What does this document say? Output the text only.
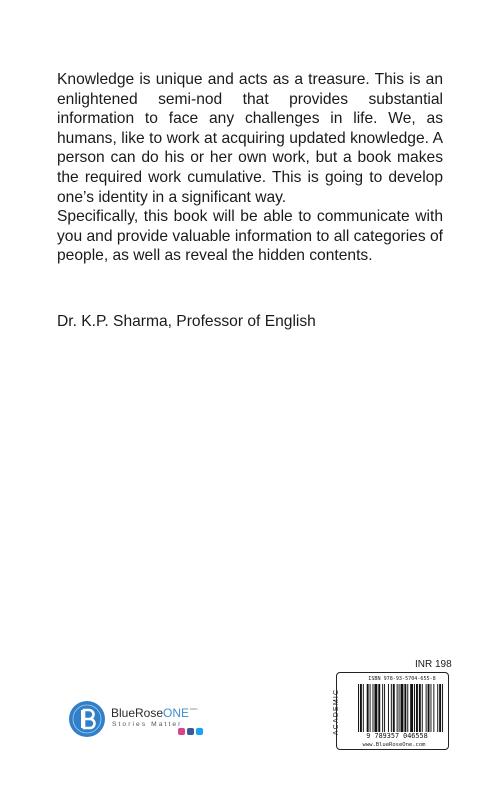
Knowledge is unique and acts as a treasure. This is an enlightened semi-nod that provides substantial information to face any challenges in life. We, as humans, like to work at acquiring updated knowledge. A person can do his or her own work, but a book makes the required work cumulative. This is going to develop one’s identity in a significant way.

Specifically, this book will be able to communicate with you and provide valuable information to all categories of people, as well as reveal the hidden contents.

Dr. K.P. Sharma, Professor of English
BlueRoseONEcom
Stories Matter
INR 198
ACADEMIC
ISBN 978-93-5704-655-8
9 789357 046558
www.BlueRoseOne.com
